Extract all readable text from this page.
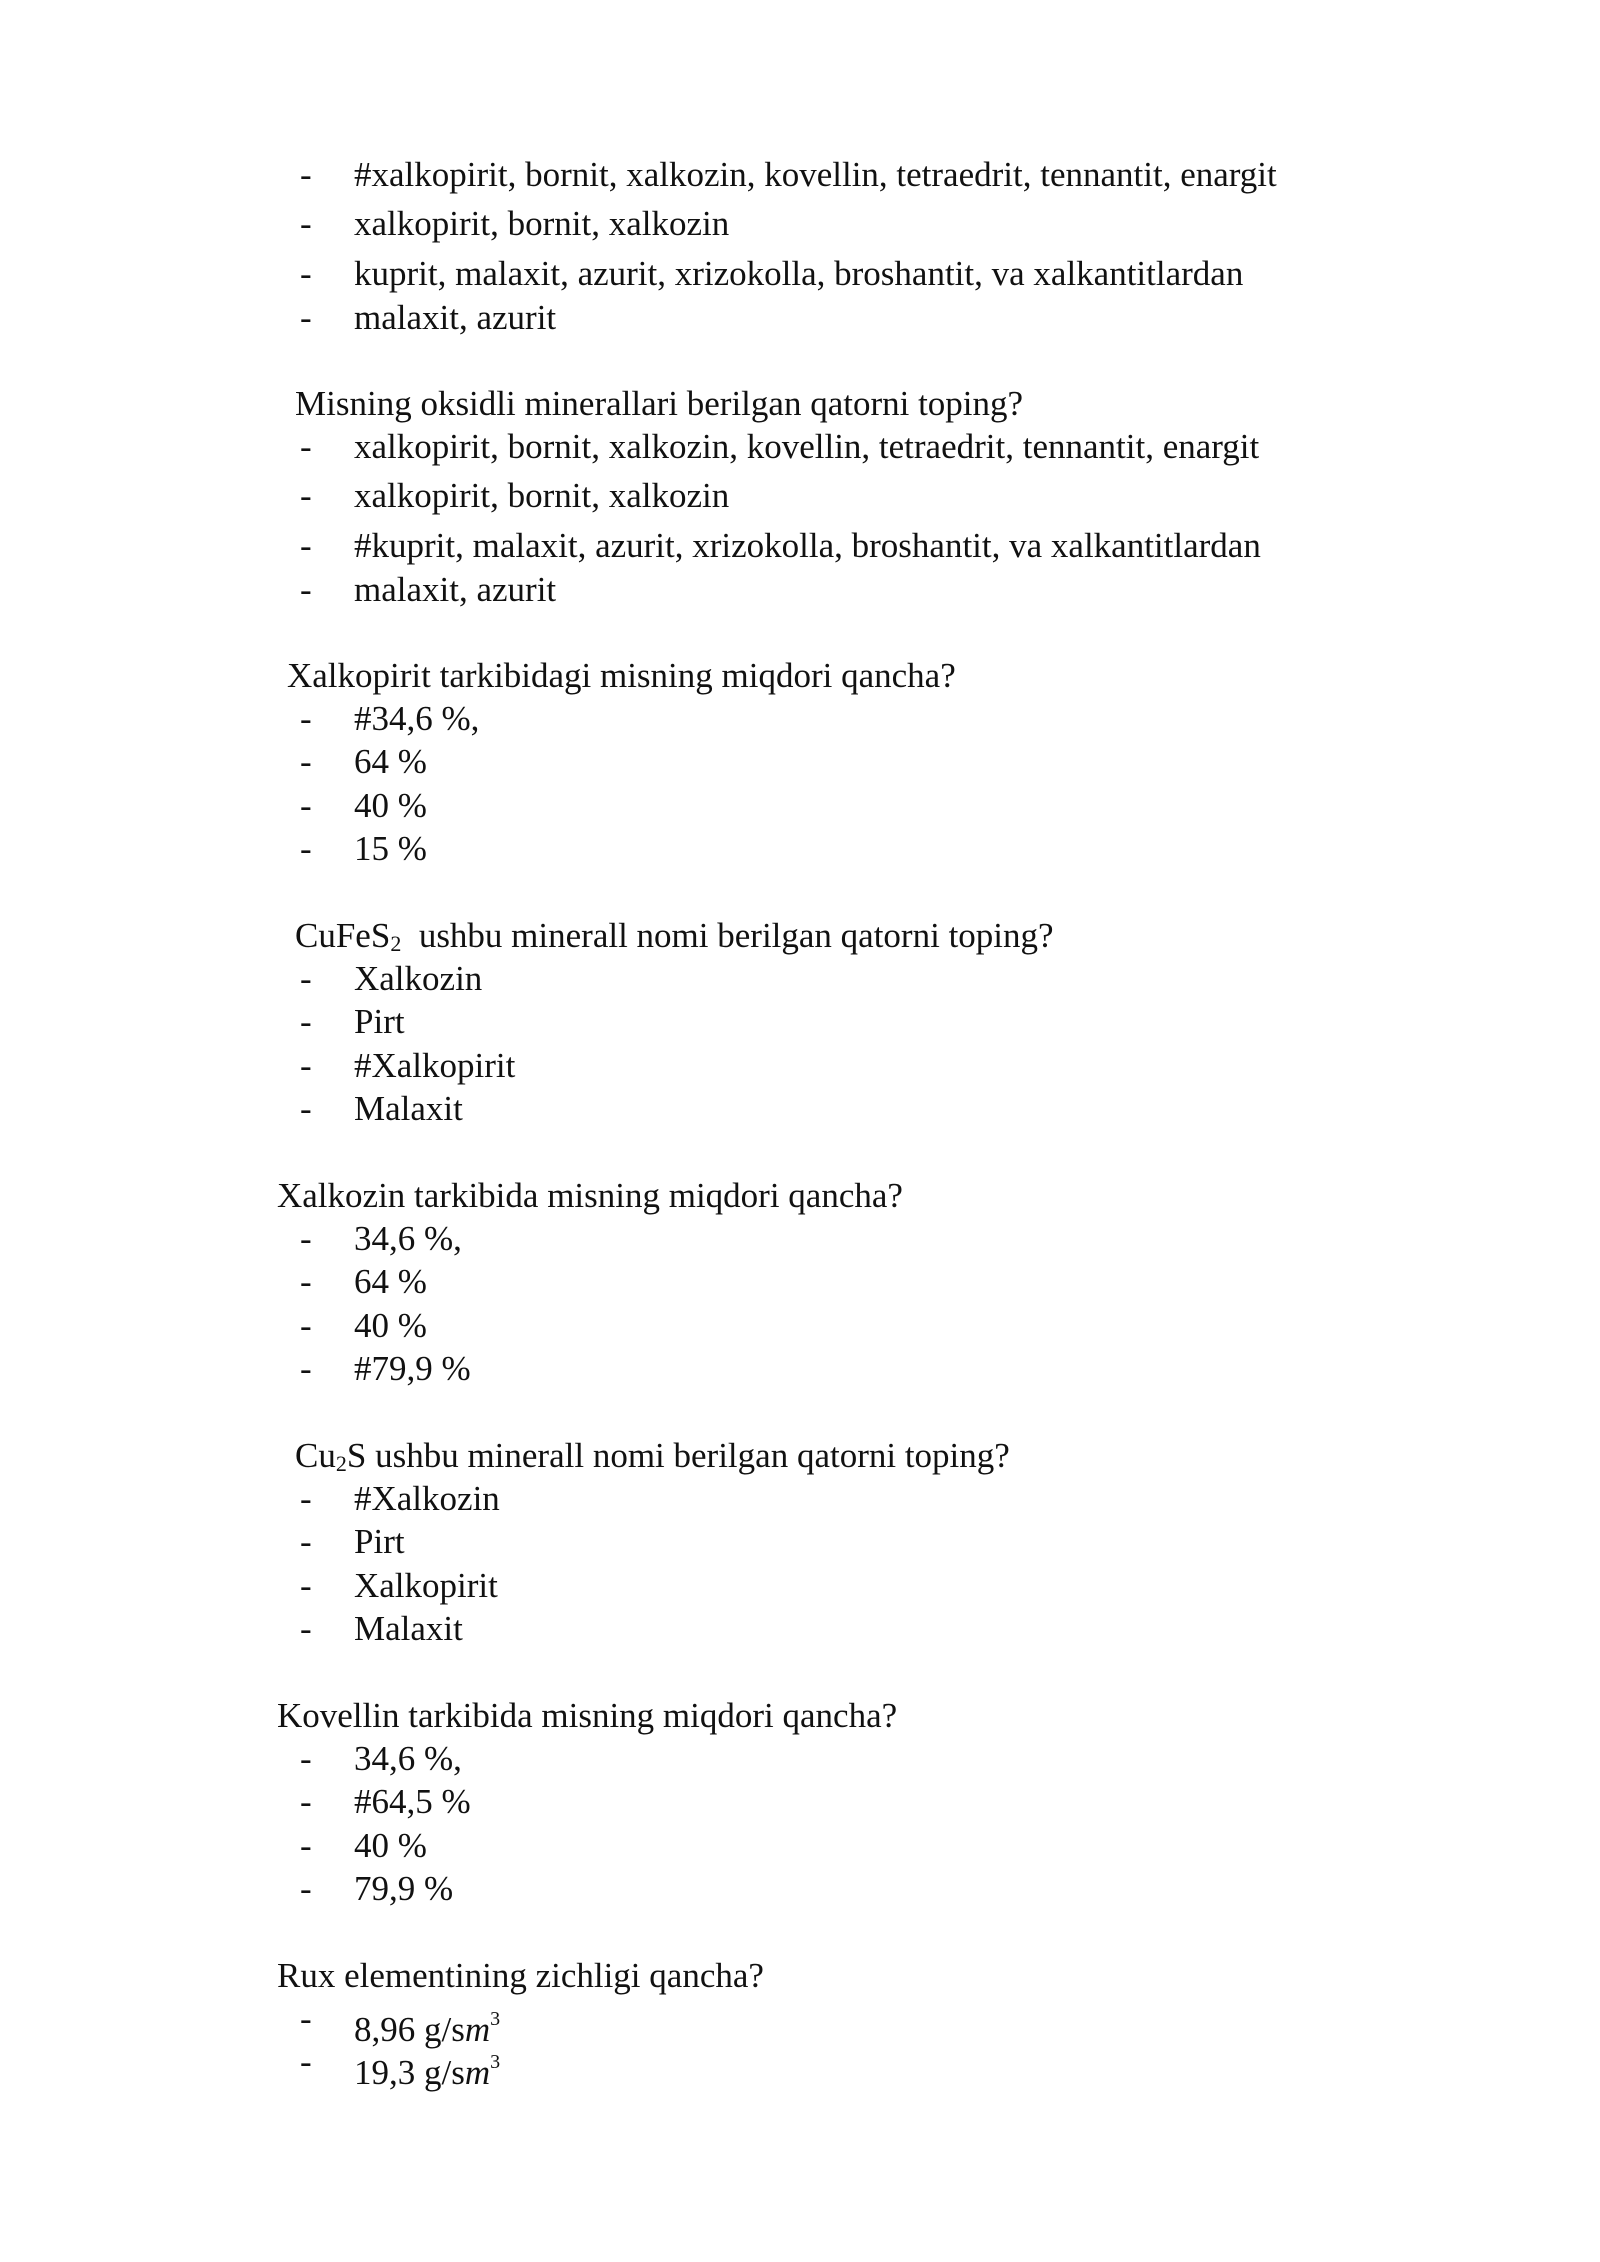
- #xalkopirit, bornit, xalkozin, kovellin, tetraedrit, tennantit, enargit
- xalkopirit, bornit, xalkozin
- kuprit, malaxit, azurit, xrizokolla, broshantit, va xalkantitlardan
- malaxit, azurit
Misning oksidli minerallari berilgan qatorni toping?
- xalkopirit, bornit, xalkozin, kovellin, tetraedrit, tennantit, enargit
- xalkopirit, bornit, xalkozin
- #kuprit, malaxit, azurit, xrizokolla, broshantit, va xalkantitlardan
- malaxit, azurit
Xalkopirit tarkibidagi misning miqdori qancha?
- #34,6 %,
- 64 %
- 40 %
- 15 %
CuFeS2  ushbu minerall nomi berilgan qatorni toping?
- Xalkozin
- Pirt
- #Xalkopirit
- Malaxit
Xalkozin tarkibida misning miqdori qancha?
- 34,6 %,
- 64 %
- 40 %
- #79,9 %
Cu2S ushbu minerall nomi berilgan qatorni toping?
- #Xalkozin
- Pirt
- Xalkopirit
- Malaxit
Kovellin tarkibida misning miqdori qancha?
- 34,6 %,
- #64,5 %
- 40 %
- 79,9 %
Rux elementining zichligi qancha?
- 8,96 $g/sm^3$
- 19,3 $g/sm^3$
